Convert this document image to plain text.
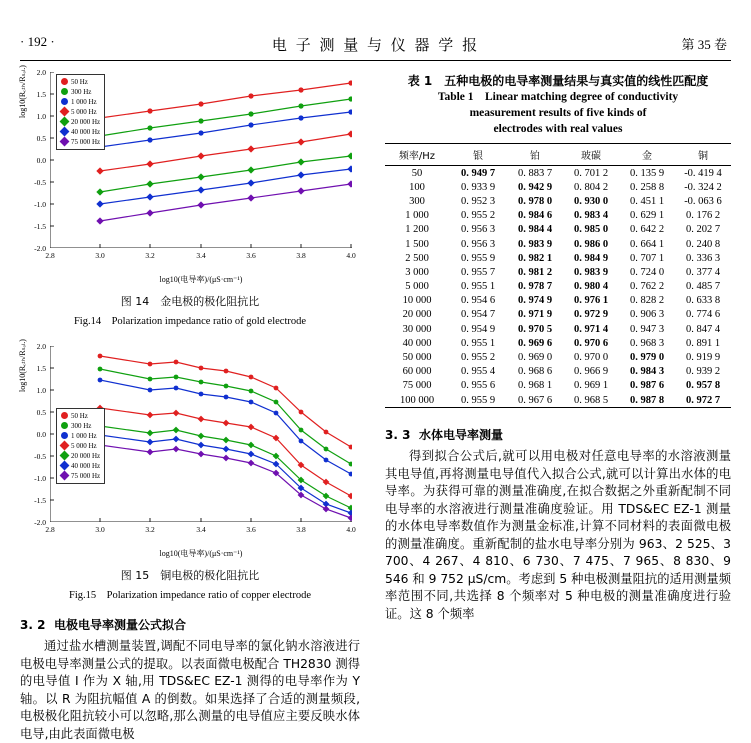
· 192 ·	电 子 测 量 与 仪 器 学 报	第 35 卷
log10(Rₒₜₕ/Rₛₒₗ.)	50 Hz
300 Hz
1 000 Hz
5 000 Hz
20 000 Hz
40 000 Hz
75 000 Hz
2.0
1.5
1.0
0.5
0.0
-0.5
-1.0
-1.5
-2.0
2.8	3.0	3.2	3.4	3.6	3.8	4.0
log10(电导率)/(μS·cm⁻¹)
图 14　金电极的极化阻抗比
Fig.14　Polarization impedance ratio of gold electrode
log10(Rₒₜₕ/Rₛₒₗ.)
50 Hz
300 Hz
1 000 Hz
5 000 Hz
20 000 Hz
40 000 Hz
75 000 Hz
2.0
1.5
1.0
0.5
0.0
-0.5
-1.0
-1.5
-2.0
2.8	3.0	3.2	3.4	3.6	3.8	4.0
log10(电导率)/(μS·cm⁻¹)
图 15　铜电极的极化阻抗比
Fig.15　Polarization impedance ratio of copper electrode
3. 2 电极电导率测量公式拟合

通过盐水槽测量装置,调配不同电导率的氯化钠水溶液进行电极电导率测量公式的提取。以表面微电极配合 TH2830 测得的电导值 I 作为 X 轴,用 TDS&EC EZ-1 测得的电导率作为 Y 轴。以 R 为阻抗幅值 A 的倒数。如果选择了合适的测量频段,电极极化阻抗较小可以忽略,那么测量的电导值应主要反映水体电导,由此表面微电极

表 1 五种电极的电导率测量结果与真实值的线性匹配度
Table 1　Linear matching degree of conductivity
measurement results of five kinds of
electrodes with real values
频率/Hz	银	铂	玻碳	金	铜
50	0. 949 7	0. 883 7	0. 701 2	0. 135 9	-0. 419 4
100	0. 933 9	0. 942 9	0. 804 2	0. 258 8	-0. 324 2
300	0. 952 3	0. 978 0	0. 930 0	0. 451 1	-0. 063 6
1 000	0. 955 2	0. 984 6	0. 983 4	0. 629 1	0. 176 2
1 200	0. 956 3	0. 984 4	0. 985 0	0. 642 2	0. 202 7
1 500	0. 956 3	0. 983 9	0. 986 0	0. 664 1	0. 240 8
2 500	0. 955 9	0. 982 1	0. 984 9	0. 707 1	0. 336 3
3 000	0. 955 7	0. 981 2	0. 983 9	0. 724 0	0. 377 4
5 000	0. 955 1	0. 978 7	0. 980 4	0. 762 2	0. 485 7
10 000	0. 954 6	0. 974 9	0. 976 1	0. 828 2	0. 633 8
20 000	0. 954 7	0. 971 9	0. 972 9	0. 906 3	0. 774 6
30 000	0. 954 9	0. 970 5	0. 971 4	0. 947 3	0. 847 4
40 000	0. 955 1	0. 969 6	0. 970 6	0. 968 3	0. 891 1
50 000	0. 955 2	0. 969 0	0. 970 0	0. 979 0	0. 919 9
60 000	0. 955 4	0. 968 6	0. 966 9	0. 984 3	0. 939 2
75 000	0. 955 6	0. 968 1	0. 969 1	0. 987 6	0. 957 8
100 000	0. 955 9	0. 967 6	0. 968 5	0. 987 8	0. 972 7
3. 3 水体电导率测量

得到拟合公式后,就可以用电极对任意电导率的水溶液测量其电导值,再将测量电导值代入拟合公式,就可以计算出水体的电导率。为获得可靠的测量准确度,在拟合数据之外重新配制不同电导率的水溶液进行测量准确度验证。用 TDS&EC EZ-1 测量的水体电导率数值作为测量金标准,计算不同材料的表面微电极的测量准确度。重新配制的盐水电导率分别为 963、2 525、3 700、4 267、4 810、6 730、7 475、7 965、8 830、9 546 和 9 752 μS/cm。考虑到 5 种电极测量阻抗的适用测量频率范围不同,共选择 8 个频率对 5 种电极的测量准确度进行验证。这 8 个频率
